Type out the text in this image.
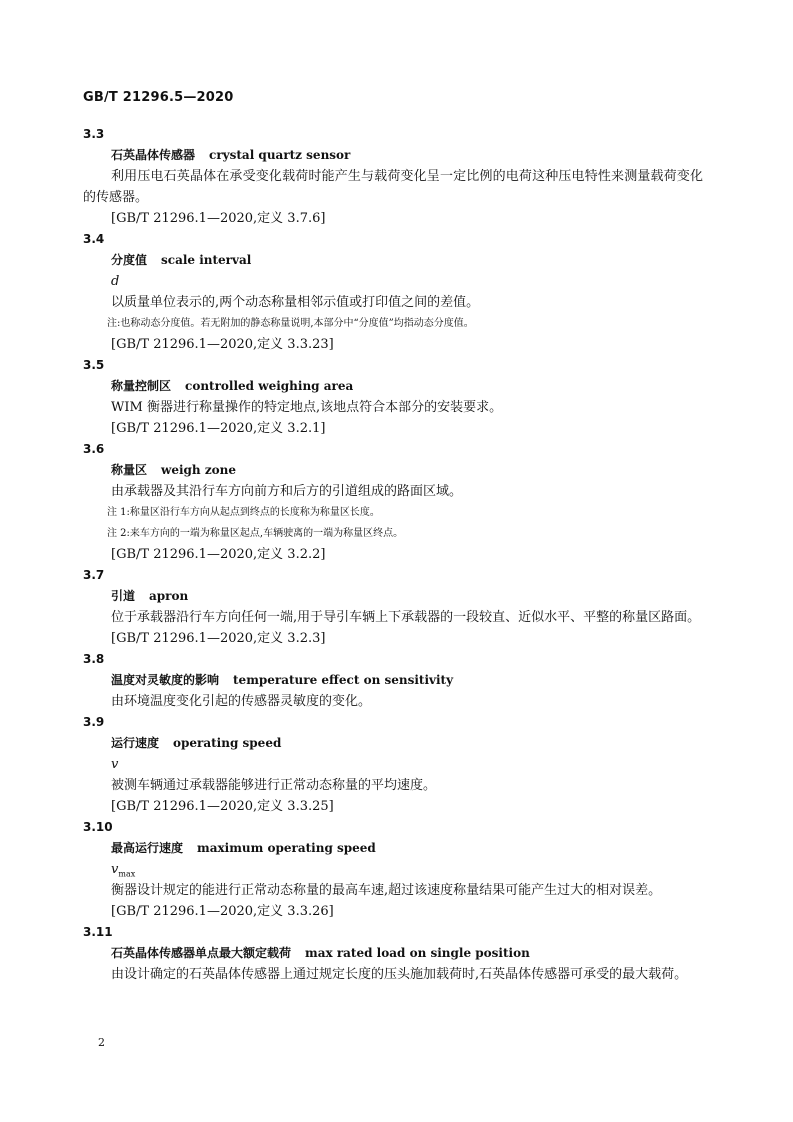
GB/T 21296.5—2020
3.3
石英晶体传感器 crystal quartz sensor
利用压电石英晶体在承受变化载荷时能产生与载荷变化呈一定比例的电荷这种压电特性来测量载荷变化的传感器。
[GB/T 21296.1—2020,定义 3.7.6]
3.4
分度值 scale interval
d
以质量单位表示的,两个动态称量相邻示值或打印值之间的差值。
注:也称动态分度值。若无附加的静态称量说明,本部分中“分度值”均指动态分度值。
[GB/T 21296.1—2020,定义 3.3.23]
3.5
称量控制区 controlled weighing area
WIM 衡器进行称量操作的特定地点,该地点符合本部分的安装要求。
[GB/T 21296.1—2020,定义 3.2.1]
3.6
称量区 weigh zone
由承载器及其沿行车方向前方和后方的引道组成的路面区域。
注 1:称量区沿行车方向从起点到终点的长度称为称量区长度。
注 2:来车方向的一端为称量区起点,车辆驶离的一端为称量区终点。
[GB/T 21296.1—2020,定义 3.2.2]
3.7
引道 apron
位于承载器沿行车方向任何一端,用于导引车辆上下承载器的一段较直、近似水平、平整的称量区路面。
[GB/T 21296.1—2020,定义 3.2.3]
3.8
温度对灵敏度的影响 temperature effect on sensitivity
由环境温度变化引起的传感器灵敏度的变化。
3.9
运行速度 operating speed
v
被测车辆通过承载器能够进行正常动态称量的平均速度。
[GB/T 21296.1—2020,定义 3.3.25]
3.10
最高运行速度 maximum operating speed
$v_{max}$
衡器设计规定的能进行正常动态称量的最高车速,超过该速度称量结果可能产生过大的相对误差。
[GB/T 21296.1—2020,定义 3.3.26]
3.11
石英晶体传感器单点最大额定载荷 max rated load on single position
由设计确定的石英晶体传感器上通过规定长度的压头施加载荷时,石英晶体传感器可承受的最大载荷。
2
